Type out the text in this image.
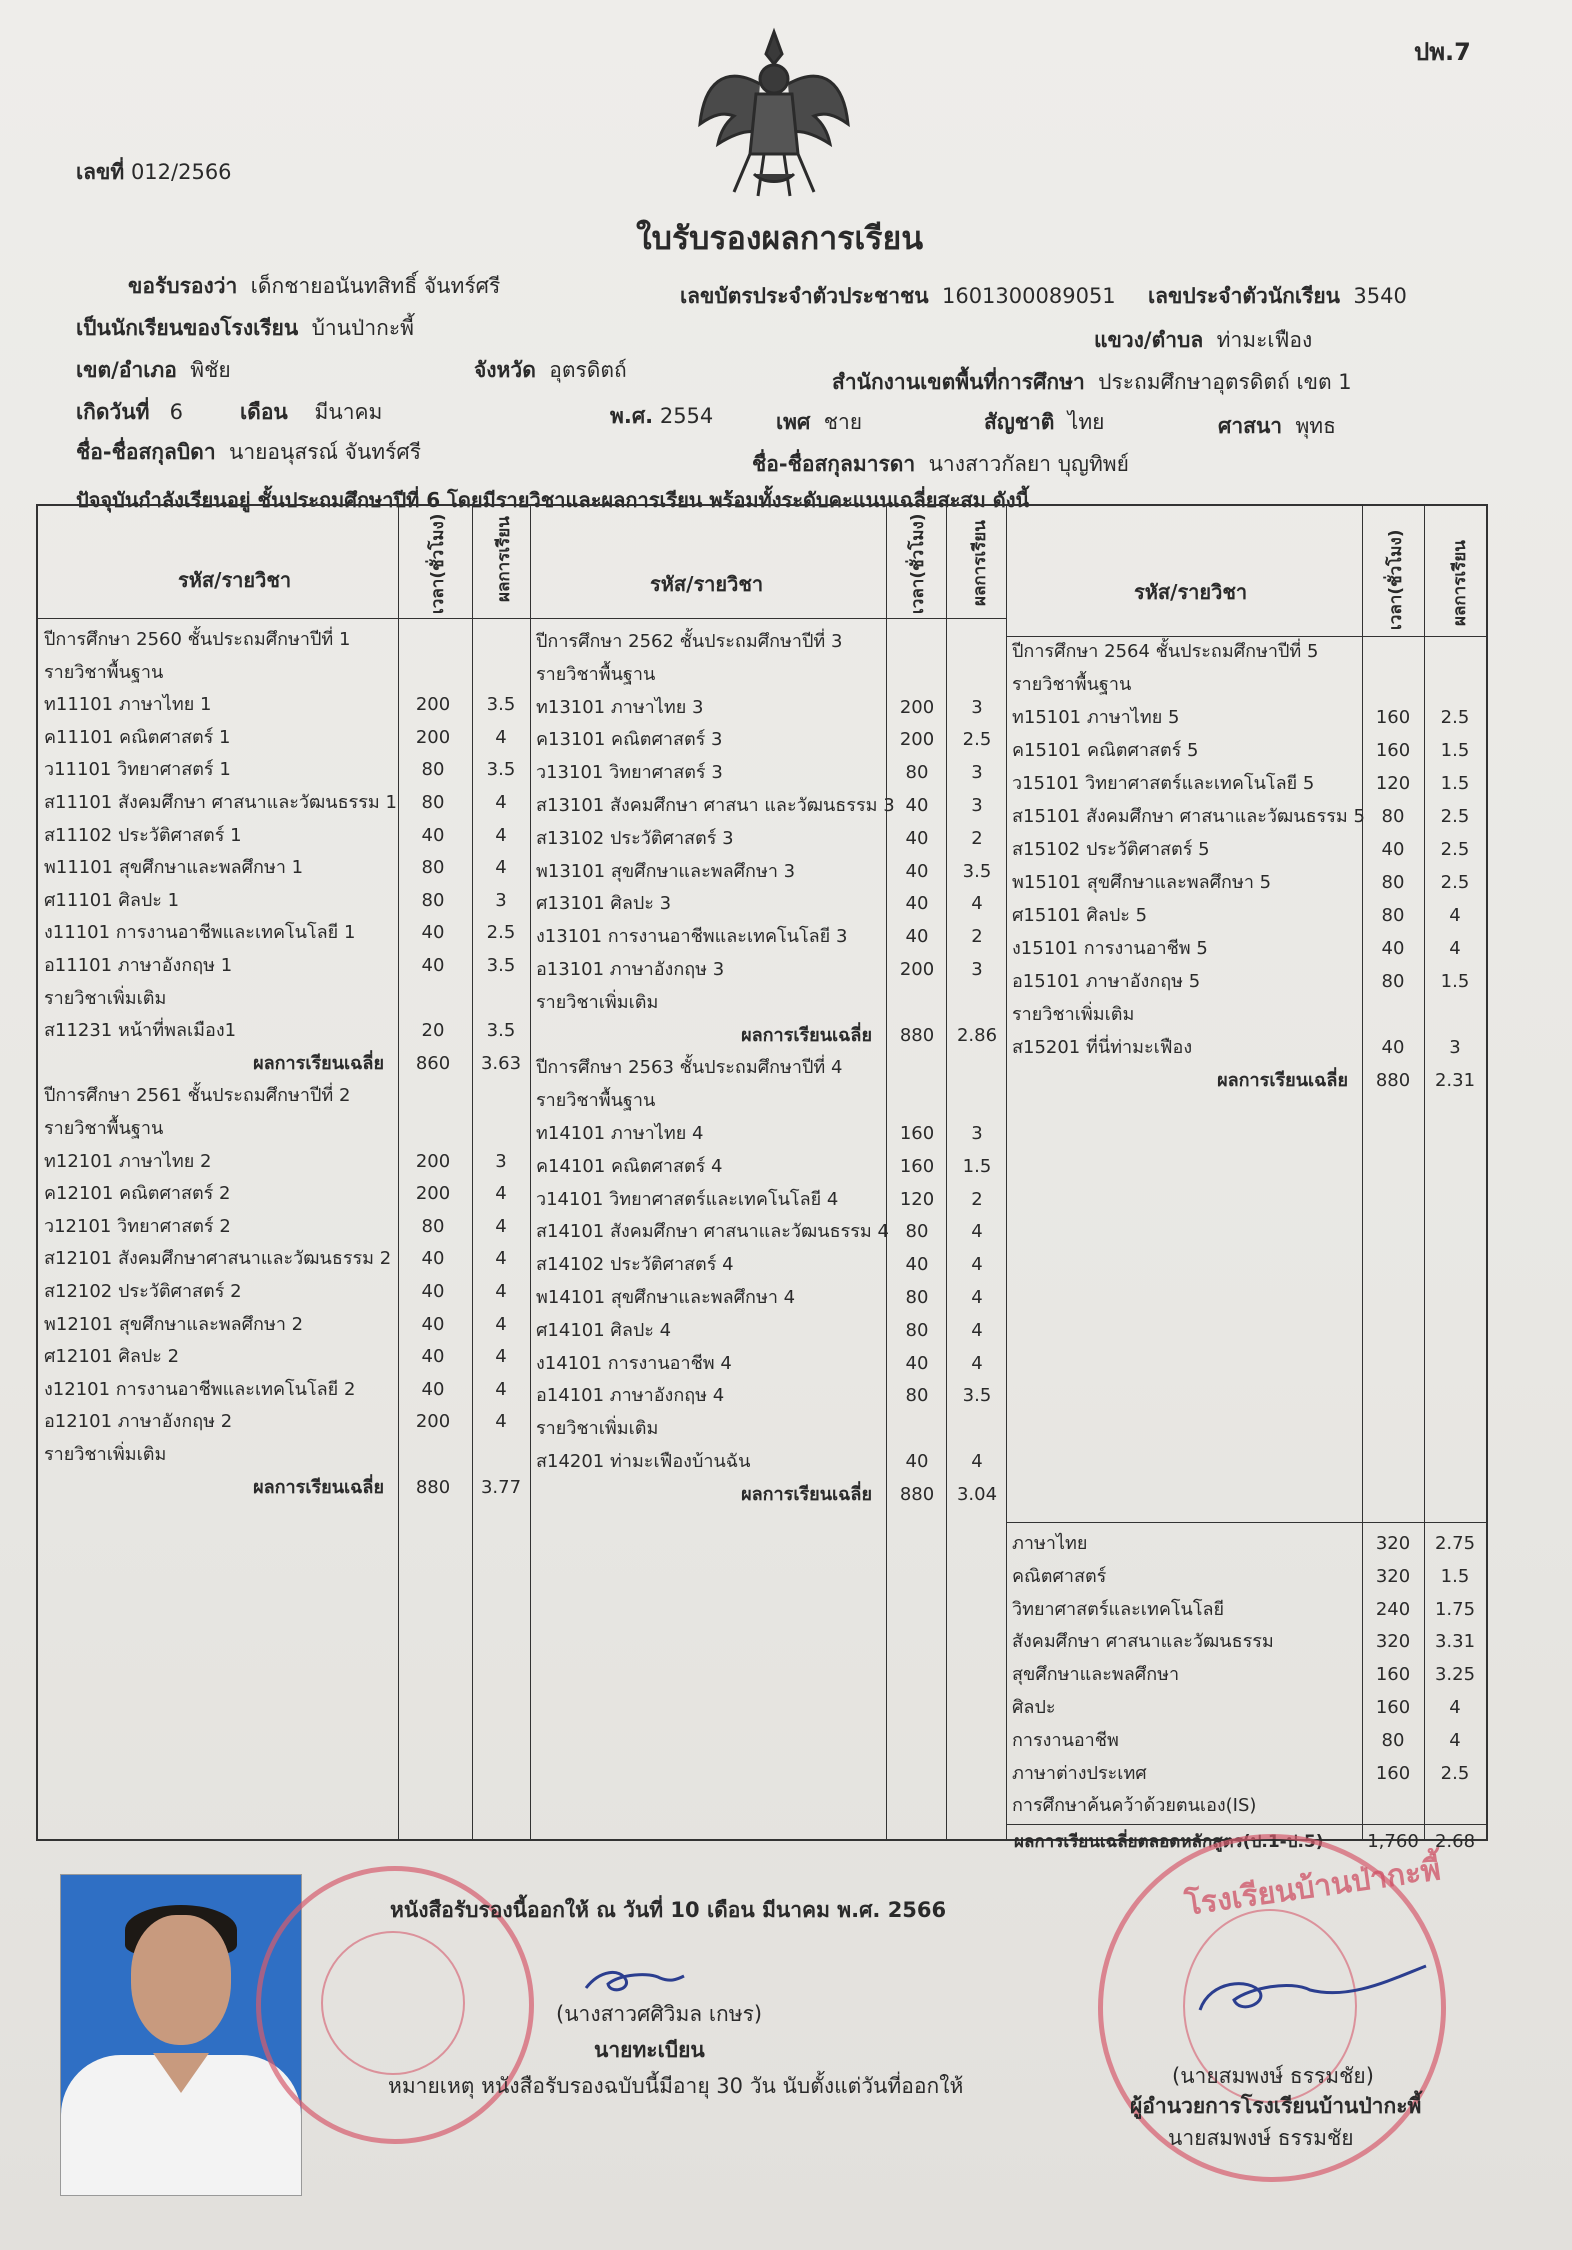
ปพ.7
เลขที่ 012/2566
ใบรับรองผลการเรียน
ขอรับรองว่า เด็กชายอนันทสิทธิ์ จันทร์ศรี	เลขบัตรประจำตัวประชาชน 1601300089051 เลขประจำตัวนักเรียน 3540
เป็นนักเรียนของโรงเรียน บ้านป่ากะพี้	แขวง/ตำบล ท่ามะเฟือง
เขต/อำเภอ พิชัย	จังหวัด อุตรดิตถ์	สำนักงานเขตพื้นที่การศึกษา ประถมศึกษาอุตรดิตถ์ เขต 1
เกิดวันที่ 6	เดือน มีนาคม	พ.ศ. 2554	เพศ ชาย	สัญชาติ ไทย	ศาสนา พุทธ
ชื่อ-ชื่อสกุลบิดา นายอนุสรณ์ จันทร์ศรี	ชื่อ-ชื่อสกุลมารดา นางสาวกัลยา บุญทิพย์
ปัจจุบันกำลังเรียนอยู่ ชั้นประถมศึกษาปีที่ 6 โดยมีรายวิชาและผลการเรียน พร้อมทั้งระดับคะแนนเฉลี่ยสะสม ดังนี้
รหัส/รายวิชา	รหัส/รายวิชา	รหัส/รายวิชา
เวลา(ชั่วโมง)	ผลการเรียน	เวลา(ชั่วโมง) ผลการเรียน	เวลา(ชั่วโมง)	ผลการเรียน
ปีการศึกษา 2560 ชั้นประถมศึกษาปีที่ 1
รายวิชาพื้นฐาน
ท11101 ภาษาไทย 1	200	3.5
ค11101 คณิตศาสตร์ 1	200	4
ว11101 วิทยาศาสตร์ 1	80	3.5
ส11101 สังคมศึกษา ศาสนาและวัฒนธรรม 1	80	4
ส11102 ประวัติศาสตร์ 1	40	4
พ11101 สุขศึกษาและพลศึกษา 1	80	4
ศ11101 ศิลปะ 1	80	3
ง11101 การงานอาชีพและเทคโนโลยี 1	40	2.5
อ11101 ภาษาอังกฤษ 1	40	3.5
รายวิชาเพิ่มเติม
ส11231 หน้าที่พลเมือง1	20	3.5
ผลการเรียนเฉลี่ย	860	3.63
ปีการศึกษา 2561 ชั้นประถมศึกษาปีที่ 2
รายวิชาพื้นฐาน
ท12101 ภาษาไทย 2	200	3
ค12101 คณิตศาสตร์ 2	200	4
ว12101 วิทยาศาสตร์ 2	80	4
ส12101 สังคมศึกษาศาสนาและวัฒนธรรม 2	40	4
ส12102 ประวัติศาสตร์ 2	40	4
พ12101 สุขศึกษาและพลศึกษา 2	40	4
ศ12101 ศิลปะ 2	40	4
ง12101 การงานอาชีพและเทคโนโลยี 2	40	4
อ12101 ภาษาอังกฤษ 2	200	4
รายวิชาเพิ่มเติม
ผลการเรียนเฉลี่ย	880	3.77
ปีการศึกษา 2562 ชั้นประถมศึกษาปีที่ 3
รายวิชาพื้นฐาน
ท13101 ภาษาไทย 3	200	3
ค13101 คณิตศาสตร์ 3	200	2.5
ว13101 วิทยาศาสตร์ 3	80	3
ส13101 สังคมศึกษา ศาสนา และวัฒนธรรม 3 40	3
ส13102 ประวัติศาสตร์ 3	40	2
พ13101 สุขศึกษาและพลศึกษา 3	40	3.5
ศ13101 ศิลปะ 3	40	4
ง13101 การงานอาชีพและเทคโนโลยี 3	40	2
อ13101 ภาษาอังกฤษ 3	200	3
รายวิชาเพิ่มเติม
ผลการเรียนเฉลี่ย	880	2.86
ปีการศึกษา 2563 ชั้นประถมศึกษาปีที่ 4
รายวิชาพื้นฐาน
ท14101 ภาษาไทย 4	160	3
ค14101 คณิตศาสตร์ 4	160	1.5
ว14101 วิทยาศาสตร์และเทคโนโลยี 4	120	2
ส14101 สังคมศึกษา ศาสนาและวัฒนธรรม 4 80	4
ส14102 ประวัติศาสตร์ 4	40	4
พ14101 สุขศึกษาและพลศึกษา 4	80	4
ศ14101 ศิลปะ 4	80	4
ง14101 การงานอาชีพ 4	40	4
อ14101 ภาษาอังกฤษ 4	80	3.5
รายวิชาเพิ่มเติม
ส14201 ท่ามะเฟืองบ้านฉัน	40	4
ผลการเรียนเฉลี่ย	880	3.04
ปีการศึกษา 2564 ชั้นประถมศึกษาปีที่ 5
รายวิชาพื้นฐาน
ท15101 ภาษาไทย 5	160	2.5
ค15101 คณิตศาสตร์ 5	160	1.5
ว15101 วิทยาศาสตร์และเทคโนโลยี 5	120	1.5
ส15101 สังคมศึกษา ศาสนาและวัฒนธรรม 5 80	2.5
ส15102 ประวัติศาสตร์ 5	40	2.5
พ15101 สุขศึกษาและพลศึกษา 5	80	2.5
ศ15101 ศิลปะ 5	80	4
ง15101 การงานอาชีพ 5	40	4
อ15101 ภาษาอังกฤษ 5	80	1.5
รายวิชาเพิ่มเติม
ส15201 ที่นี่ท่ามะเฟือง	40	3
ผลการเรียนเฉลี่ย	880	2.31
ภาษาไทย	320	2.75
คณิตศาสตร์	320	1.5
วิทยาศาสตร์และเทคโนโลยี	240	1.75
สังคมศึกษา ศาสนาและวัฒนธรรม	320	3.31
สุขศึกษาและพลศึกษา	160	3.25
ศิลปะ	160	4
การงานอาชีพ	80	4
ภาษาต่างประเทศ	160	2.5
การศึกษาค้นคว้าด้วยตนเอง(IS)
ผลการเรียนเฉลี่ยตลอดหลักสูตร(ป.1-ป.5) 1,760 2.68
โรงเรียนบ้านป่ากะพี้
หนังสือรับรองนี้ออกให้ ณ วันที่ 10 เดือน มีนาคม พ.ศ. 2566
(นางสาวศศิวิมล เกษร)
นายทะเบียน
หมายเหตุ หนังสือรับรองฉบับนี้มีอายุ 30 วัน นับตั้งแต่วันที่ออกให้	(นายสมพงษ์ ธรรมชัย)
ผู้อำนวยการโรงเรียนบ้านป่ากะพี้
นายสมพงษ์ ธรรมชัย
